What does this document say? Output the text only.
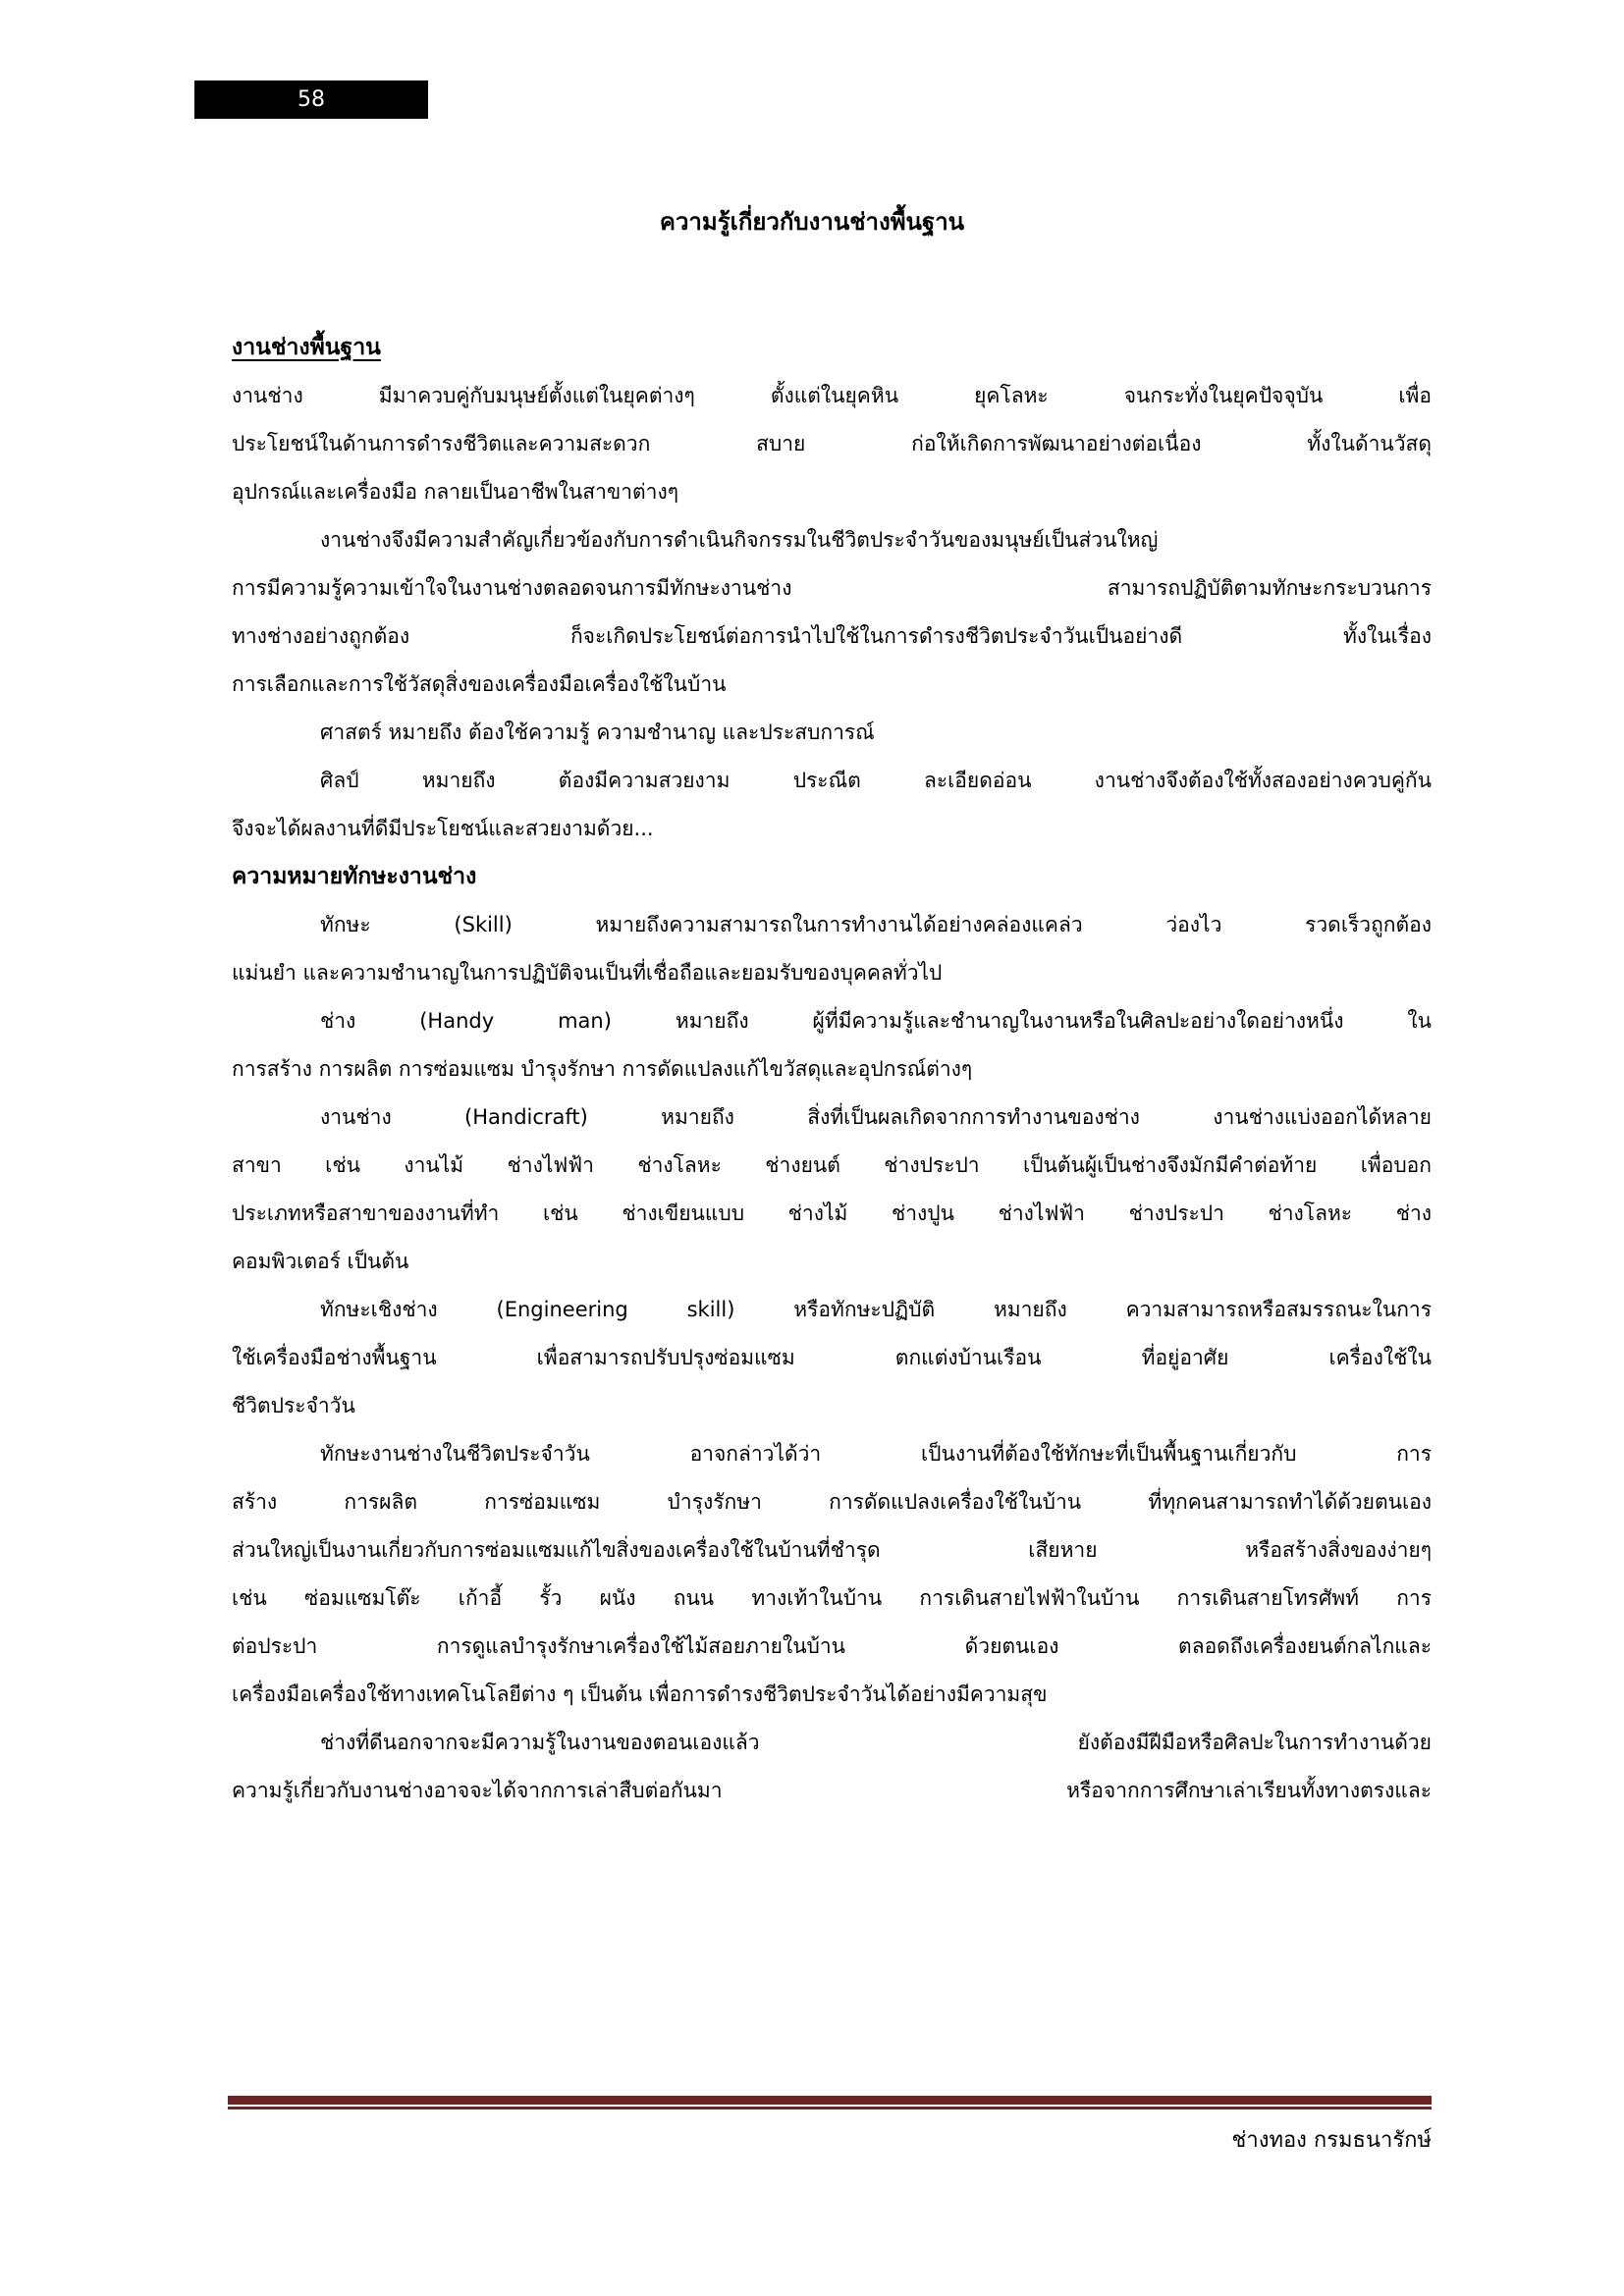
58
ความรู้เกี่ยวกับงานช่างพื้นฐาน
งานช่างพื้นฐาน
งานช่าง มีมาควบคู่กับมนุษย์ตั้งแต่ในยุคต่างๆ ตั้งแต่ในยุคหิน ยุคโลหะ จนกระทั่งในยุคปัจจุบัน เพื่อ
ประโยชน์ในด้านการดำรงชีวิตและความสะดวก สบาย ก่อให้เกิดการพัฒนาอย่างต่อเนื่อง ทั้งในด้านวัสดุ
อุปกรณ์และเครื่องมือ กลายเป็นอาชีพในสาขาต่างๆ
งานช่างจึงมีความสำคัญเกี่ยวข้องกับการดำเนินกิจกรรมในชีวิตประจำวันของมนุษย์เป็นส่วนใหญ่
การมีความรู้ความเข้าใจในงานช่างตลอดจนการมีทักษะงานช่าง สามารถปฏิบัติตามทักษะกระบวนการ
ทางช่างอย่างถูกต้อง ก็จะเกิดประโยชน์ต่อการนำไปใช้ในการดำรงชีวิตประจำวันเป็นอย่างดี ทั้งในเรื่อง
การเลือกและการใช้วัสดุสิ่งของเครื่องมือเครื่องใช้ในบ้าน
ศาสตร์ หมายถึง ต้องใช้ความรู้ ความชำนาญ และประสบการณ์
ศิลป์ หมายถึง ต้องมีความสวยงาม ประณีต ละเอียดอ่อน งานช่างจึงต้องใช้ทั้งสองอย่างควบคู่กัน
จึงจะได้ผลงานที่ดีมีประโยชน์และสวยงามด้วย...
ความหมายทักษะงานช่าง
ทักษะ (Skill) หมายถึงความสามารถในการทำงานได้อย่างคล่องแคล่ว ว่องไว รวดเร็วถูกต้อง
แม่นยำ และความชำนาญในการปฏิบัติจนเป็นที่เชื่อถือและยอมรับของบุคคลทั่วไป
ช่าง (Handy man) หมายถึง ผู้ที่มีความรู้และชำนาญในงานหรือในศิลปะอย่างใดอย่างหนึ่ง ใน
การสร้าง การผลิต การซ่อมแซม บำรุงรักษา การดัดแปลงแก้ไขวัสดุและอุปกรณ์ต่างๆ
งานช่าง (Handicraft) หมายถึง สิ่งที่เป็นผลเกิดจากการทำงานของช่าง งานช่างแบ่งออกได้หลาย
สาขา เช่น งานไม้ ช่างไฟฟ้า ช่างโลหะ ช่างยนต์ ช่างประปา เป็นต้นผู้เป็นช่างจึงมักมีคำต่อท้าย เพื่อบอก
ประเภทหรือสาขาของงานที่ทำ เช่น ช่างเขียนแบบ ช่างไม้ ช่างปูน ช่างไฟฟ้า ช่างประปา ช่างโลหะ ช่าง
คอมพิวเตอร์ เป็นต้น
ทักษะเชิงช่าง (Engineering skill) หรือทักษะปฏิบัติ หมายถึง ความสามารถหรือสมรรถนะในการ
ใช้เครื่องมือช่างพื้นฐาน เพื่อสามารถปรับปรุงซ่อมแซม ตกแต่งบ้านเรือน ที่อยู่อาศัย เครื่องใช้ใน
ชีวิตประจำวัน
ทักษะงานช่างในชีวิตประจำวัน อาจกล่าวได้ว่า เป็นงานที่ต้องใช้ทักษะที่เป็นพื้นฐานเกี่ยวกับ การ
สร้าง การผลิต การซ่อมแซม บำรุงรักษา การดัดแปลงเครื่องใช้ในบ้าน ที่ทุกคนสามารถทำได้ด้วยตนเอง
ส่วนใหญ่เป็นงานเกี่ยวกับการซ่อมแซมแก้ไขสิ่งของเครื่องใช้ในบ้านที่ชำรุด เสียหาย หรือสร้างสิ่งของง่ายๆ
เช่น ซ่อมแซมโต๊ะ เก้าอี้ รั้ว ผนัง ถนน ทางเท้าในบ้าน การเดินสายไฟฟ้าในบ้าน การเดินสายโทรศัพท์ การ
ต่อประปา การดูแลบำรุงรักษาเครื่องใช้ไม้สอยภายในบ้าน ด้วยตนเอง ตลอดถึงเครื่องยนต์กลไกและ
เครื่องมือเครื่องใช้ทางเทคโนโลยีต่าง ๆ เป็นต้น เพื่อการดำรงชีวิตประจำวันได้อย่างมีความสุข
ช่างที่ดีนอกจากจะมีความรู้ในงานของตอนเองแล้ว ยังต้องมีฝีมือหรือศิลปะในการทำงานด้วย
ความรู้เกี่ยวกับงานช่างอาจจะได้จากการเล่าสืบต่อกันมา หรือจากการศึกษาเล่าเรียนทั้งทางตรงและ
ช่างทอง กรมธนารักษ์
